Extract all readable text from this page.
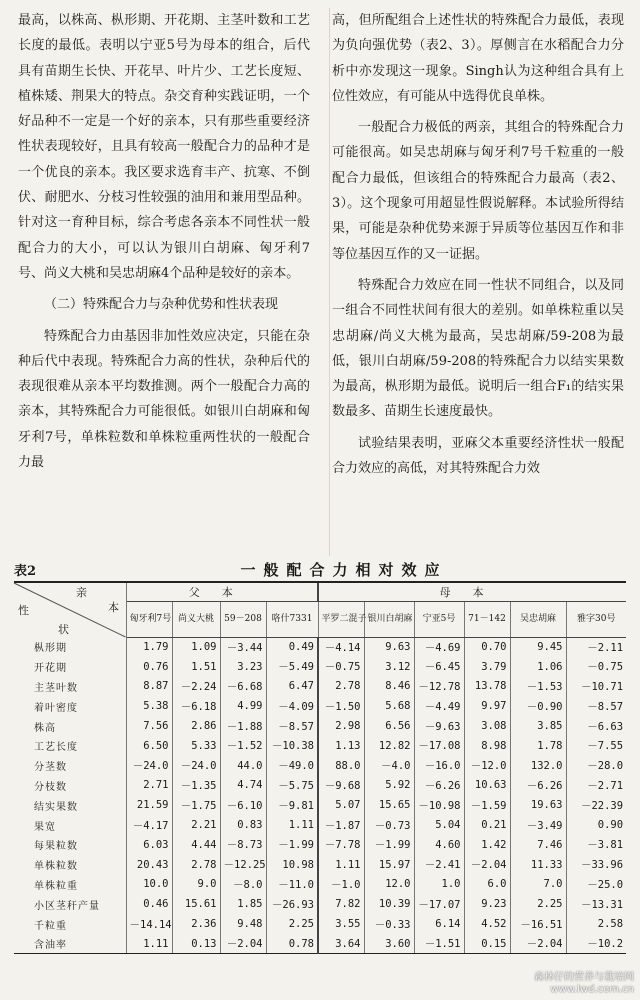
最高，以株高、枞形期、开花期、主茎叶数和工艺长度的最低。表明以宁亚5号为母本的组合，后代具有苗期生长快、开花早、叶片少、工艺长度短、植株矮、荆果大的特点。杂交育种实践证明，一个好品种不一定是一个好的亲本，只有那些重要经济性状表现较好，且具有较高一般配合力的品种才是一个优良的亲本。我区要求选育丰产、抗寒、不倒伏、耐肥水、分枝习性较强的油用和兼用型品种。针对这一育种目标，综合考虑各亲本不同性状一般配合力的大小，可以认为银川白胡麻、匈牙利7号、尚义大桃和吴忠胡麻4个品种是较好的亲本。

（二）特殊配合力与杂种优势和性状表现

特殊配合力由基因非加性效应决定，只能在杂种后代中表现。特殊配合力高的性状，杂种后代的表现很难从亲本平均数推测。两个一般配合力高的亲本，其特殊配合力可能很低。如银川白胡麻和匈牙利7号，单株粒数和单株粒重两性状的一般配合力最

高，但所配组合上述性状的特殊配合力最低，表现为负向强优势（表2、3）。厚侧言在水稻配合力分析中亦发现这一现象。Singh认为这种组合具有上位性效应，有可能从中选得优良单株。

一般配合力极低的两亲，其组合的特殊配合力可能很高。如吴忠胡麻与匈牙利7号千粒重的一般配合力最低，但该组合的特殊配合力最高（表2、3）。这个现象可用超显性假说解释。本试验所得结果，可能是杂种优势来源于异质等位基因互作和非等位基因互作的又一证据。

特殊配合力效应在同一性状不同组合，以及同一组合不同性状间有很大的差别。如单株粒重以吴忠胡麻/尚义大桃为最高，吴忠胡麻/59-208为最低，银川白胡麻/59-208的特殊配合力以结实果数为最高，枞形期为最低。说明后一组合F₁的结实果数最多、苗期生长速度最快。

试验结果表明，亚麻父本重要经济性状一般配合力效应的高低，对其特殊配合力效

表2	一般配合力相对效应
亲
本
性
状	父本				母本					
	匈牙利7号	尚义大桃	59－208	咯什7331	平罗二混子	银川白胡麻	宁亚5号	71－142	吴忠胡麻	雅字30号
枞形期	1.79	1.09	－3.44	0.49	－4.14	9.63	－4.69	0.70	9.45	－2.11
开花期	0.76	1.51	3.23	－5.49	－0.75	3.12	－6.45	3.79	1.06	－0.75
主茎叶数	8.87	－2.24	－6.68	6.47	2.78	8.46	－12.78	13.78	－1.53	－10.71
着叶密度	5.38	－6.18	4.99	－4.09	－1.50	5.68	－4.49	9.97	－0.90	－8.57
株高	7.56	2.86	－1.88	－8.57	2.98	6.56	－9.63	3.08	3.85	－6.63
工艺长度	6.50	5.33	－1.52	－10.38	1.13	12.82	－17.08	8.98	1.78	－7.55
分茎数	－24.0	－24.0	44.0	－49.0	88.0	－4.0	－16.0	－12.0	132.0	－28.0
分枝数	2.71	－1.35	4.74	－5.75	－9.68	5.92	－6.26	10.63	－6.26	－2.71
结实果数	21.59	－1.75	－6.10	－9.81	5.07	15.65	－10.98	－1.59	19.63	－22.39
果宽	－4.17	2.21	0.83	1.11	－1.87	－0.73	5.04	0.21	－3.49	0.90
每果粒数	6.03	4.44	－8.73	－1.99	－7.78	－1.99	4.60	1.42	7.46	－3.81
单株粒数	20.43	2.78	－12.25	10.98	1.11	15.97	－2.41	－2.04	11.33	－33.96
单株粒重	10.0	9.0	－8.0	－11.0	－1.0	12.0	1.0	6.0	7.0	－25.0
小区茎秆产量	0.46	15.61	1.85	－26.93	7.82	10.39	－17.07	9.23	2.25	－13.31
千粒重	－14.14	2.36	9.48	2.25	3.55	－0.33	6.14	4.52	－16.51	2.58
含油率	1.11	0.13	－2.04	0.78	3.64	3.60	－1.51	0.15	－2.04	－10.2
森林仔的营养与栽培网
www.lwd.com.cn
